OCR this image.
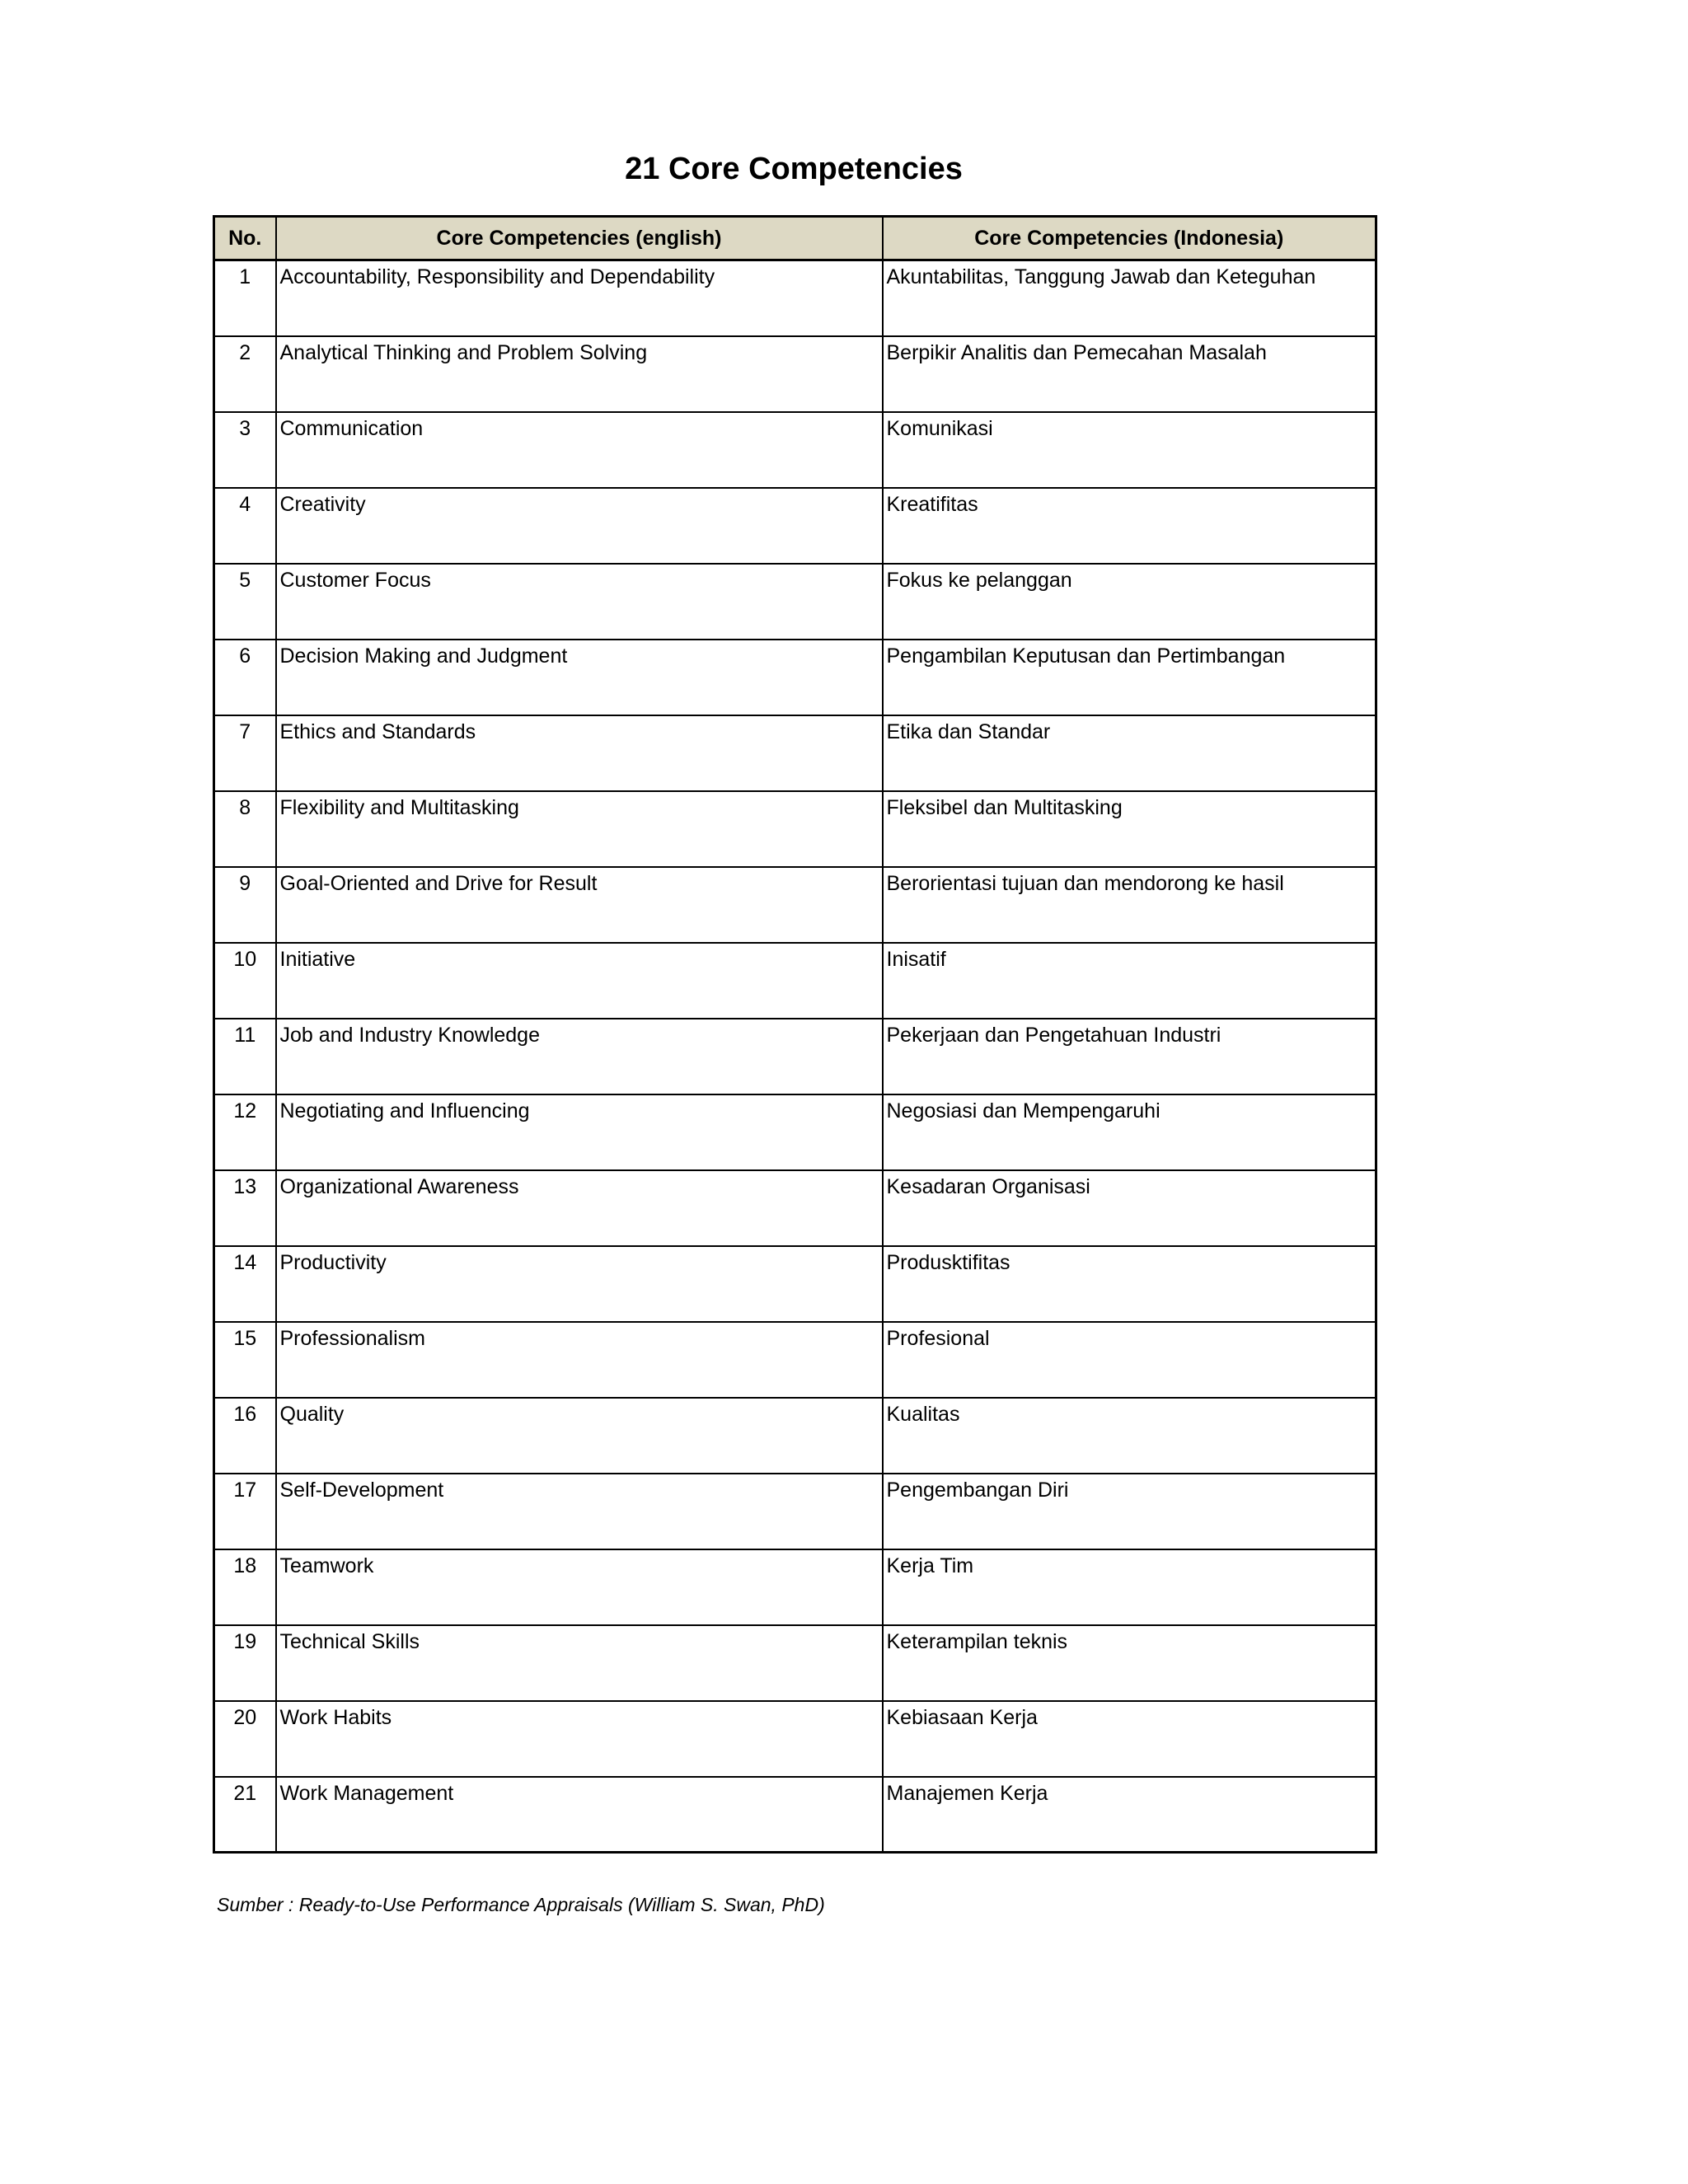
21 Core Competencies
No.	Core Competencies (english)	Core Competencies (Indonesia)
1	Accountability, Responsibility and Dependability	Akuntabilitas, Tanggung Jawab dan Keteguhan
2	Analytical Thinking and Problem Solving	Berpikir Analitis dan Pemecahan Masalah
3	Communication	Komunikasi
4	Creativity	Kreatifitas
5	Customer Focus	Fokus ke pelanggan
6	Decision Making and Judgment	Pengambilan Keputusan dan Pertimbangan
7	Ethics and Standards	Etika dan Standar
8	Flexibility and Multitasking	Fleksibel dan Multitasking
9	Goal-Oriented and Drive for Result	Berorientasi tujuan dan mendorong ke hasil
10	Initiative	Inisatif
11	Job and Industry Knowledge	Pekerjaan dan Pengetahuan Industri
12	Negotiating and Influencing	Negosiasi dan Mempengaruhi
13	Organizational Awareness	Kesadaran Organisasi
14	Productivity	Produsktifitas
15	Professionalism	Profesional
16	Quality	Kualitas
17	Self-Development	Pengembangan Diri
18	Teamwork	Kerja Tim
19	Technical Skills	Keterampilan teknis
20	Work Habits	Kebiasaan Kerja
21	Work Management	Manajemen Kerja

Sumber : Ready-to-Use Performance Appraisals (William S. Swan, PhD)
